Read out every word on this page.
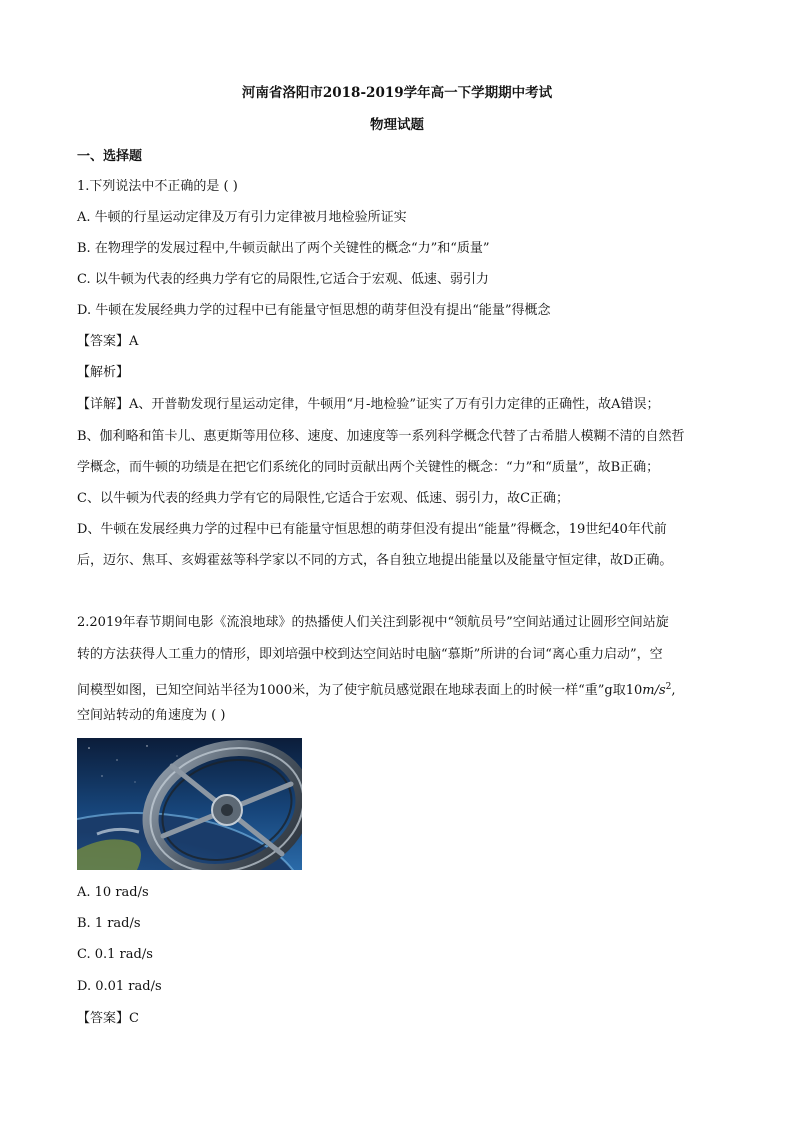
河南省洛阳市2018-2019学年高一下学期期中考试
物理试题
一、选择题
1.下列说法中不正确的是 ( )
A. 牛顿的行星运动定律及万有引力定律被月地检验所证实
B. 在物理学的发展过程中,牛顿贡献出了两个关键性的概念“力”和“质量”
C. 以牛顿为代表的经典力学有它的局限性,它适合于宏观、低速、弱引力
D. 牛顿在发展经典力学的过程中已有能量守恒思想的萌芽但没有提出“能量”得概念
【答案】A
【解析】
【详解】A、开普勒发现行星运动定律，牛顿用“月-地检验”证实了万有引力定律的正确性，故A错误；
B、伽利略和笛卡儿、惠更斯等用位移、速度、加速度等一系列科学概念代替了古希腊人模糊不清的自然哲
学概念，而牛顿的功绩是在把它们系统化的同时贡献出两个关键性的概念：“力”和“质量”，故B正确；
C、以牛顿为代表的经典力学有它的局限性,它适合于宏观、低速、弱引力，故C正确；
D、牛顿在发展经典力学的过程中已有能量守恒思想的萌芽但没有提出“能量”得概念，19世纪40年代前
后，迈尔、焦耳、亥姆霍兹等科学家以不同的方式，各自独立地提出能量以及能量守恒定律，故D正确。
2.2019年春节期间电影《流浪地球》的热播使人们关注到影视中“领航员号”空间站通过让圆形空间站旋
转的方法获得人工重力的情形，即刘培强中校到达空间站时电脑“慕斯”所讲的台词“离心重力启动”，空
间模型如图，已知空间站半径为1000米，为了使宇航员感觉跟在地球表面上的时候一样“重”g取$10m/s^2$,
空间站转动的角速度为 ( )
A. 10 rad/s
B. 1 rad/s
C. 0.1 rad/s
D. 0.01 rad/s
【答案】C
